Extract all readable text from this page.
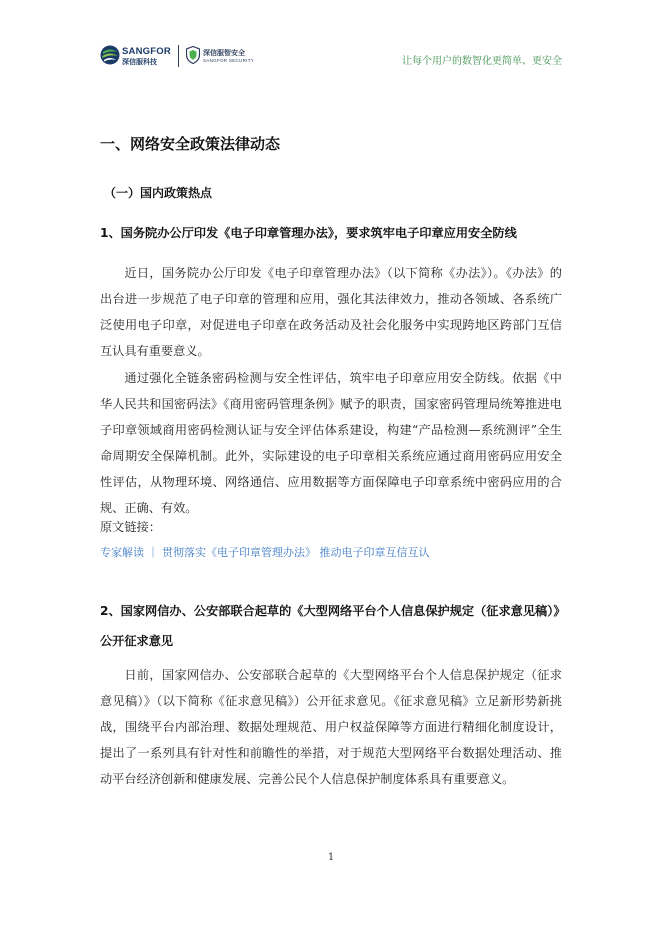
SANGFOR
深信服科技
深信服智安全
SANGFOR SECURITY	让每个用户的数智化更简单、更安全
一、网络安全政策法律动态
（一）国内政策热点
1、国务院办公厅印发《电子印章管理办法》，要求筑牢电子印章应用安全防线

近日，国务院办公厅印发《电子印章管理办法》（以下简称《办法》）。《办法》的出台进一步规范了电子印章的管理和应用，强化其法律效力，推动各领域、各系统广泛使用电子印章，对促进电子印章在政务活动及社会化服务中实现跨地区跨部门互信互认具有重要意义。

通过强化全链条密码检测与安全性评估，筑牢电子印章应用安全防线。依据《中华人民共和国密码法》《商用密码管理条例》赋予的职责，国家密码管理局统筹推进电子印章领域商用密码检测认证与安全评估体系建设，构建“产品检测—系统测评”全生命周期安全保障机制。此外，实际建设的电子印章相关系统应通过商用密码应用安全性评估，从物理环境、网络通信、应用数据等方面保障电子印章系统中密码应用的合规、正确、有效。

原文链接：
专家解读 ｜ 贯彻落实《电子印章管理办法》 推动电子印章互信互认
2、国家网信办、公安部联合起草的《大型网络平台个人信息保护规定（征求意见稿）》公开征求意见

日前，国家网信办、公安部联合起草的《大型网络平台个人信息保护规定（征求意见稿）》（以下简称《征求意见稿》）公开征求意见。《征求意见稿》立足新形势新挑战，围绕平台内部治理、数据处理规范、用户权益保障等方面进行精细化制度设计，提出了一系列具有针对性和前瞻性的举措，对于规范大型网络平台数据处理活动、推动平台经济创新和健康发展、完善公民个人信息保护制度体系具有重要意义。

1
